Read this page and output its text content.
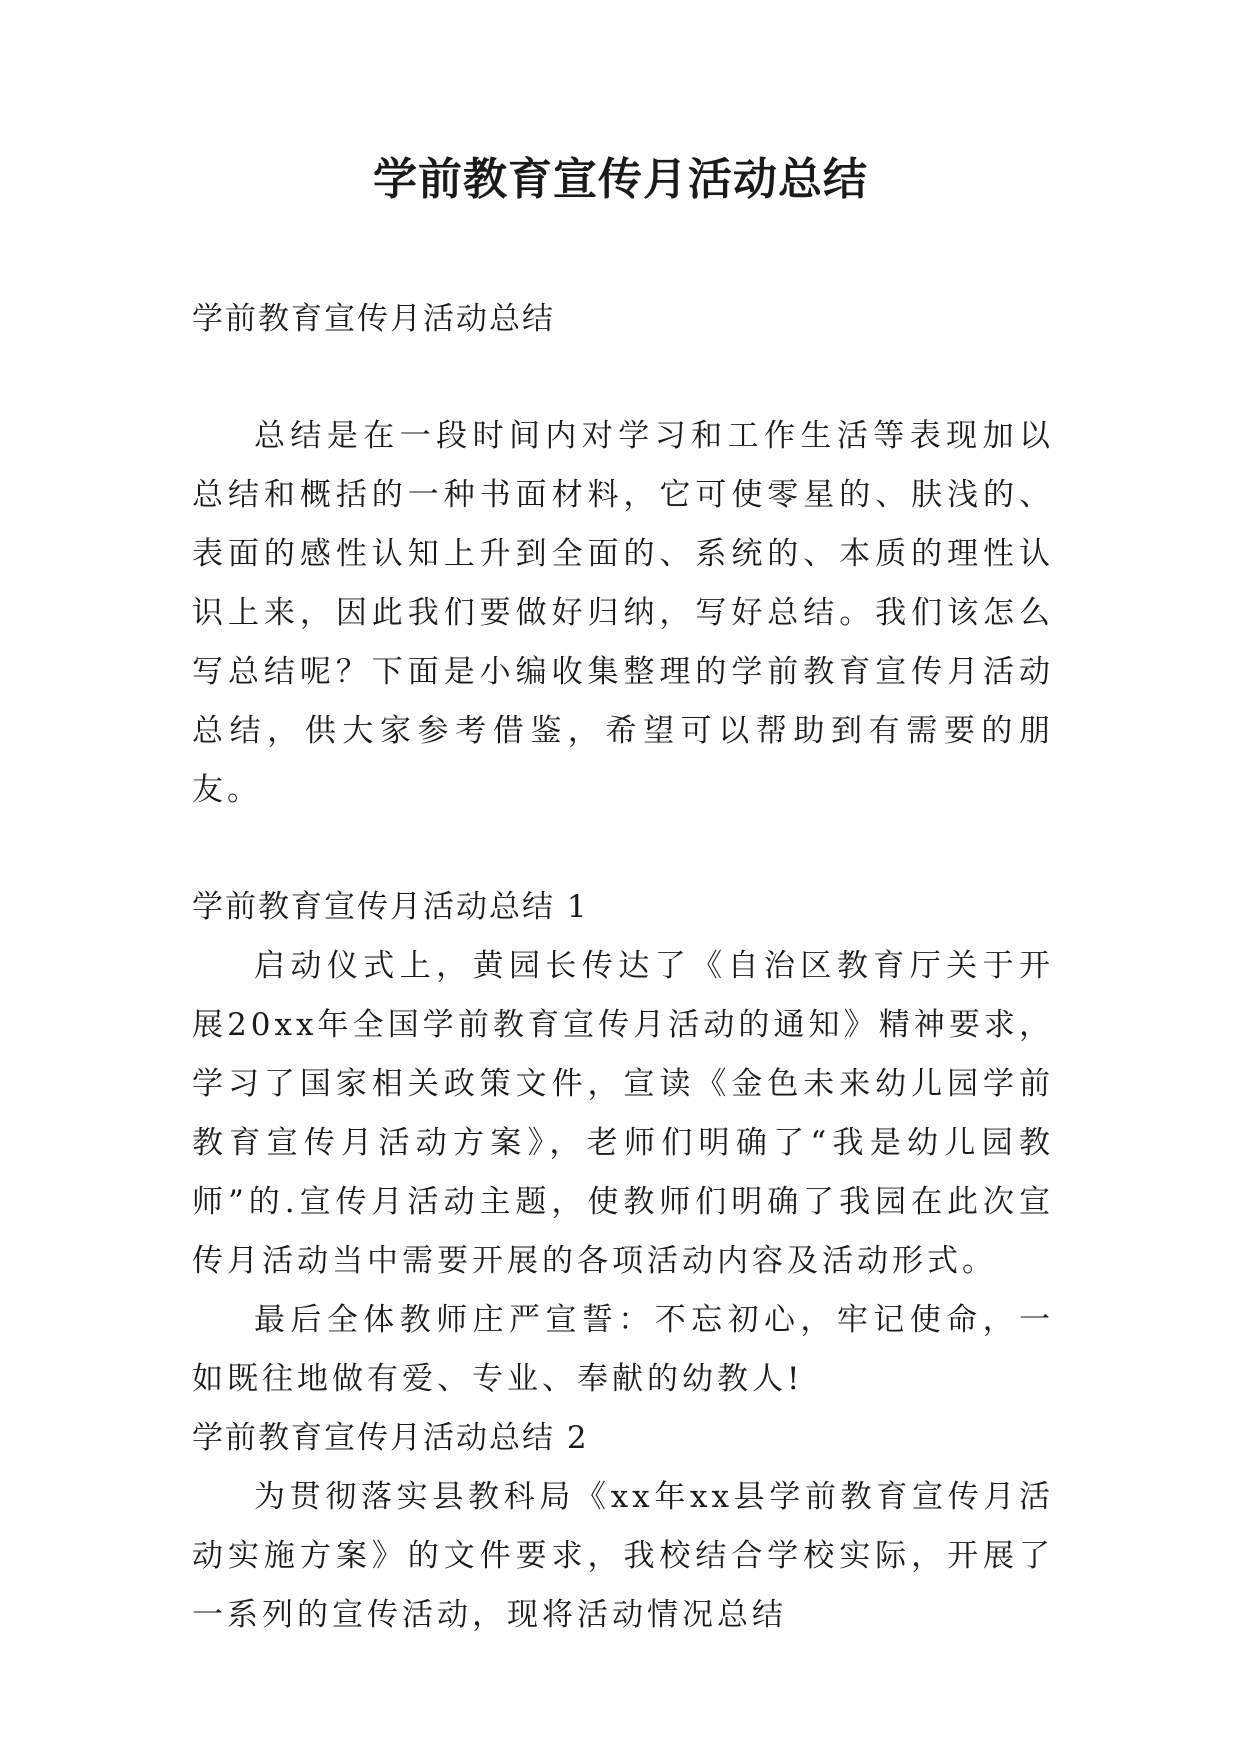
学前教育宣传月活动总结

学前教育宣传月活动总结

总结是在一段时间内对学习和工作生活等表现加以总结和概括的一种书面材料，它可使零星的、肤浅的、表面的感性认知上升到全面的、系统的、本质的理性认识上来，因此我们要做好归纳，写好总结。我们该怎么写总结呢？下面是小编收集整理的学前教育宣传月活动总结，供大家参考借鉴，希望可以帮助到有需要的朋友。

学前教育宣传月活动总结 1

启动仪式上，黄园长传达了《自治区教育厅关于开展20xx年全国学前教育宣传月活动的通知》精神要求，学习了国家相关政策文件，宣读《金色未来幼儿园学前教育宣传月活动方案》，老师们明确了“我是幼儿园教师”的.宣传月活动主题，使教师们明确了我园在此次宣传月活动当中需要开展的各项活动内容及活动形式。

最后全体教师庄严宣誓：不忘初心，牢记使命，一如既往地做有爱、专业、奉献的幼教人!

学前教育宣传月活动总结 2

为贯彻落实县教科局《xx年xx县学前教育宣传月活动实施方案》的文件要求，我校结合学校实际，开展了一系列的宣传活动，现将活动情况总结
